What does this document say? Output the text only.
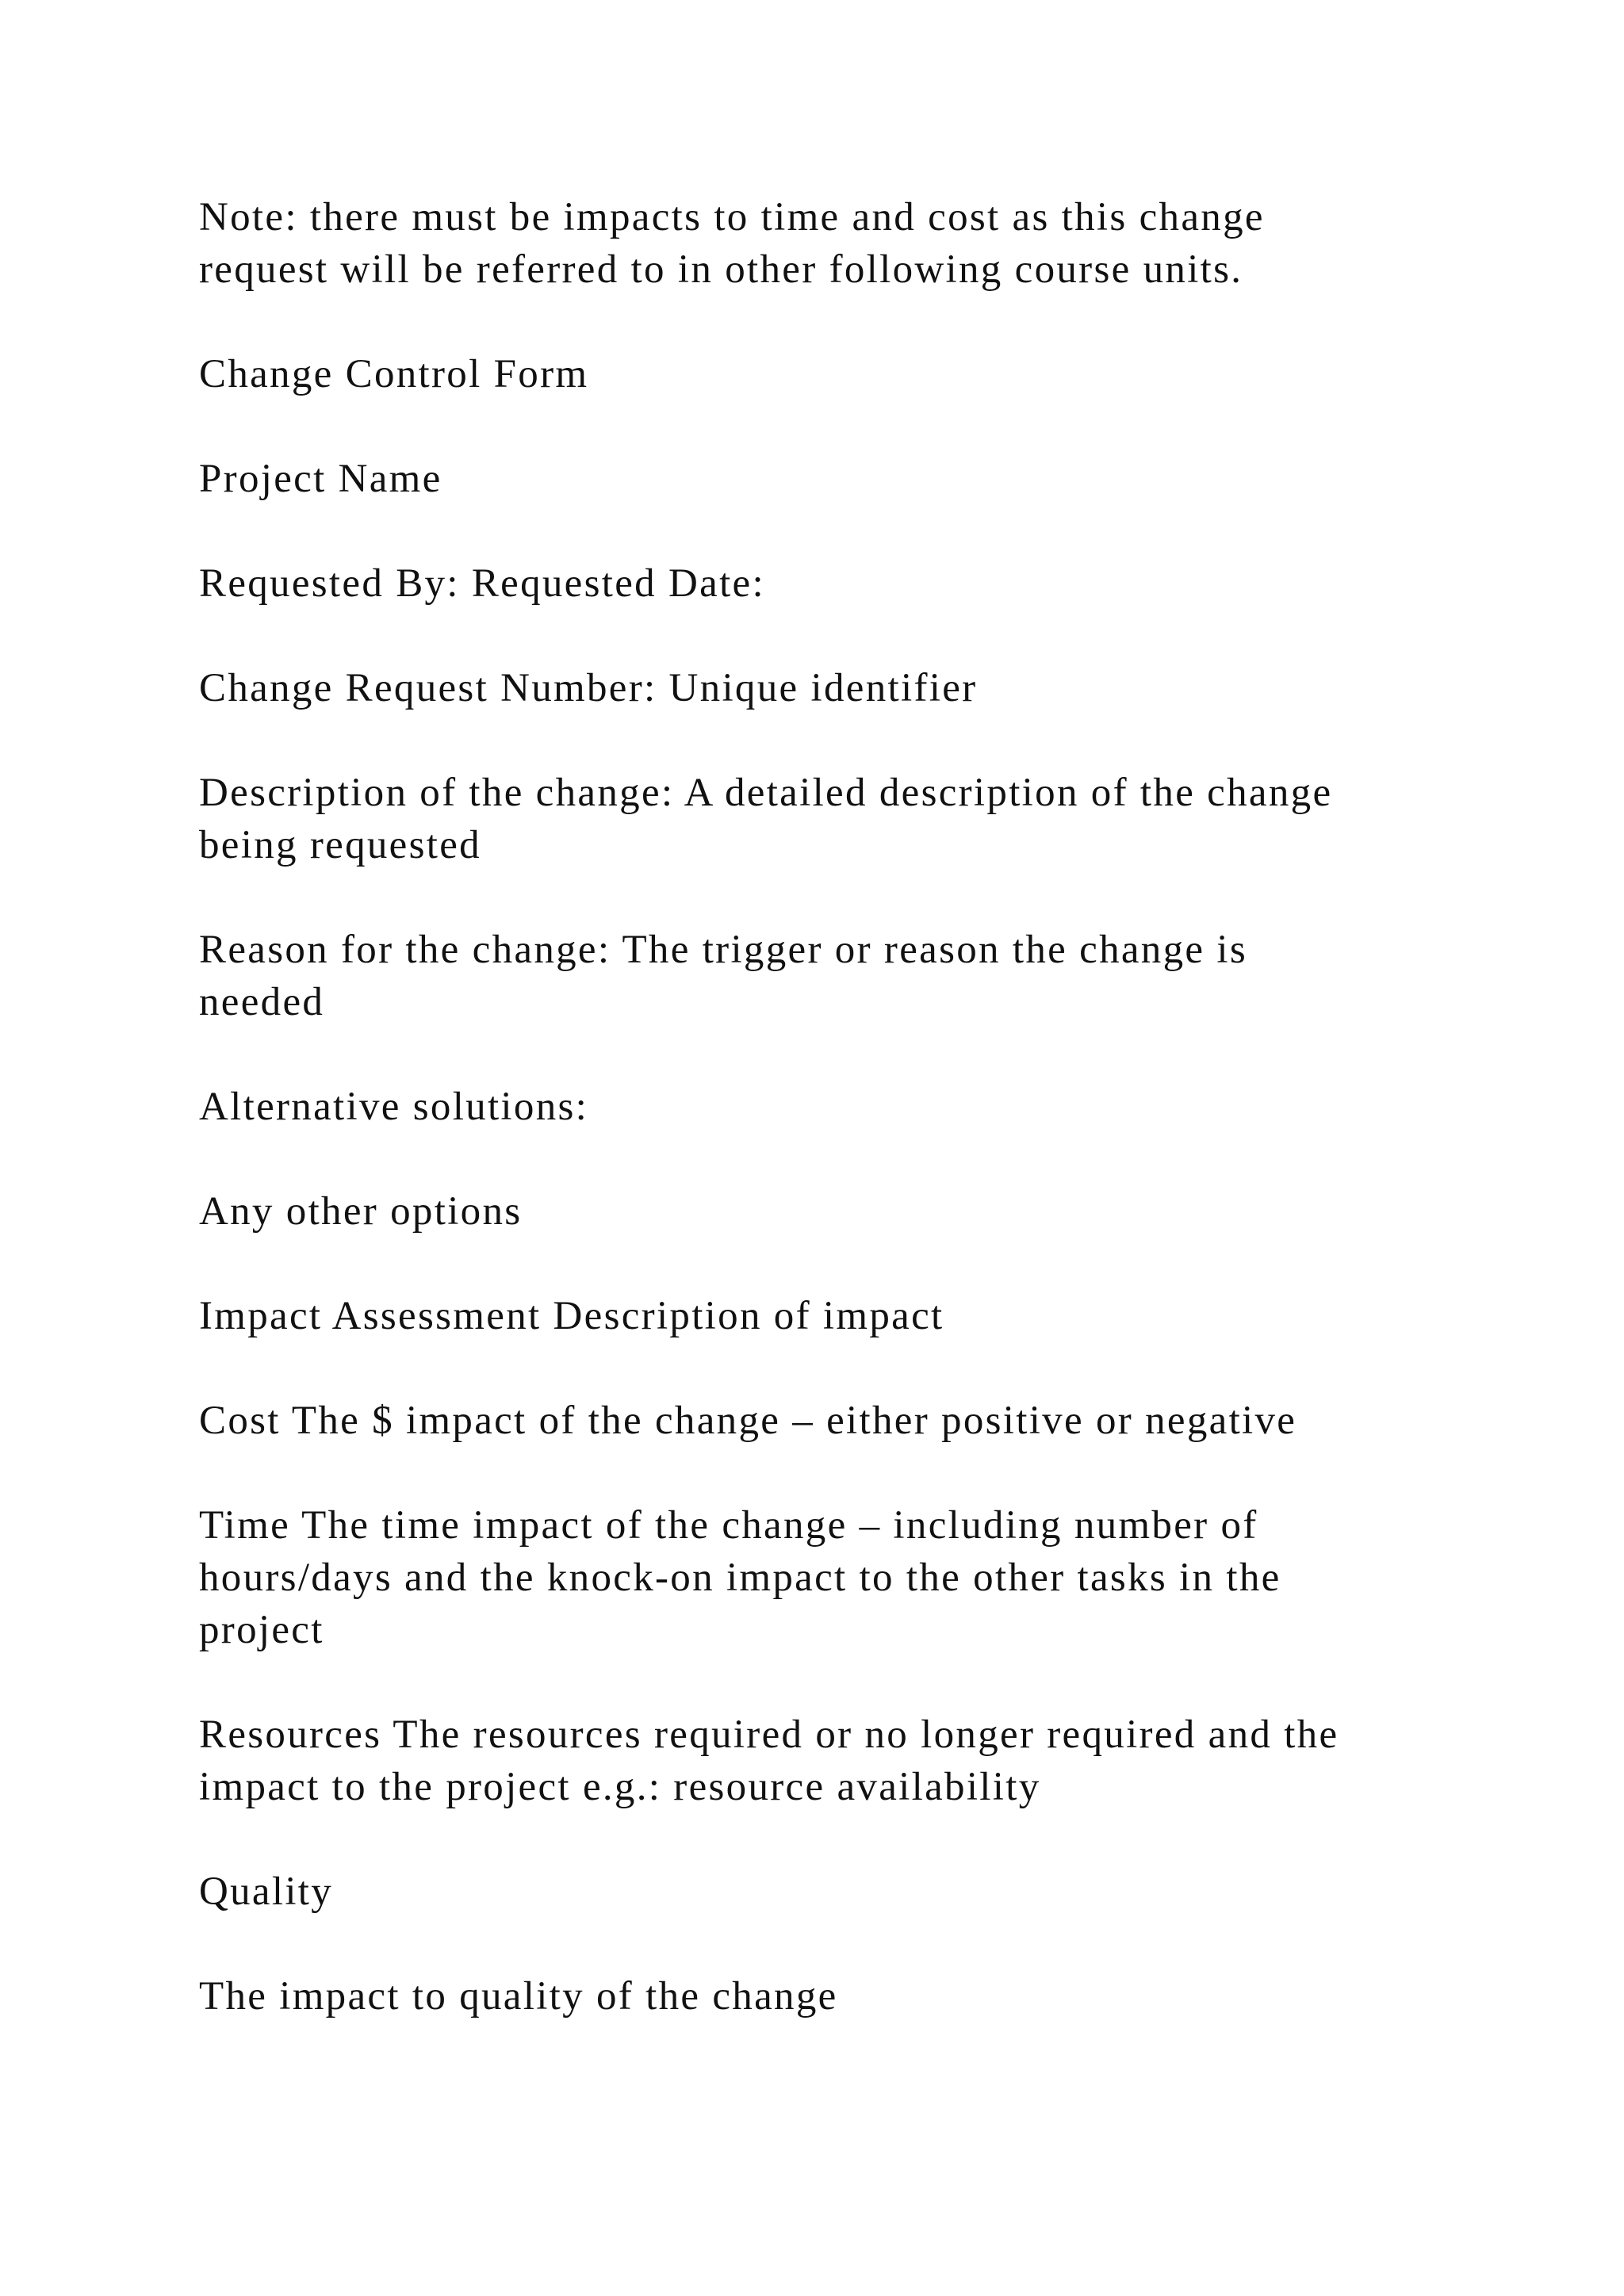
Note: there must be impacts to time and cost as this change
request will be referred to in other following course units.

Change Control Form

Project Name

Requested By: Requested Date:

Change Request Number: Unique identifier

Description of the change: A detailed description of the change
being requested

Reason for the change: The trigger or reason the change is
needed

Alternative solutions:

Any other options

Impact Assessment Description of impact

Cost The $ impact of the change – either positive or negative

Time The time impact of the change – including number of
hours/days and the knock-on impact to the other tasks in the
project

Resources The resources required or no longer required and the
impact to the project e.g.: resource availability

Quality

The impact to quality of the change
